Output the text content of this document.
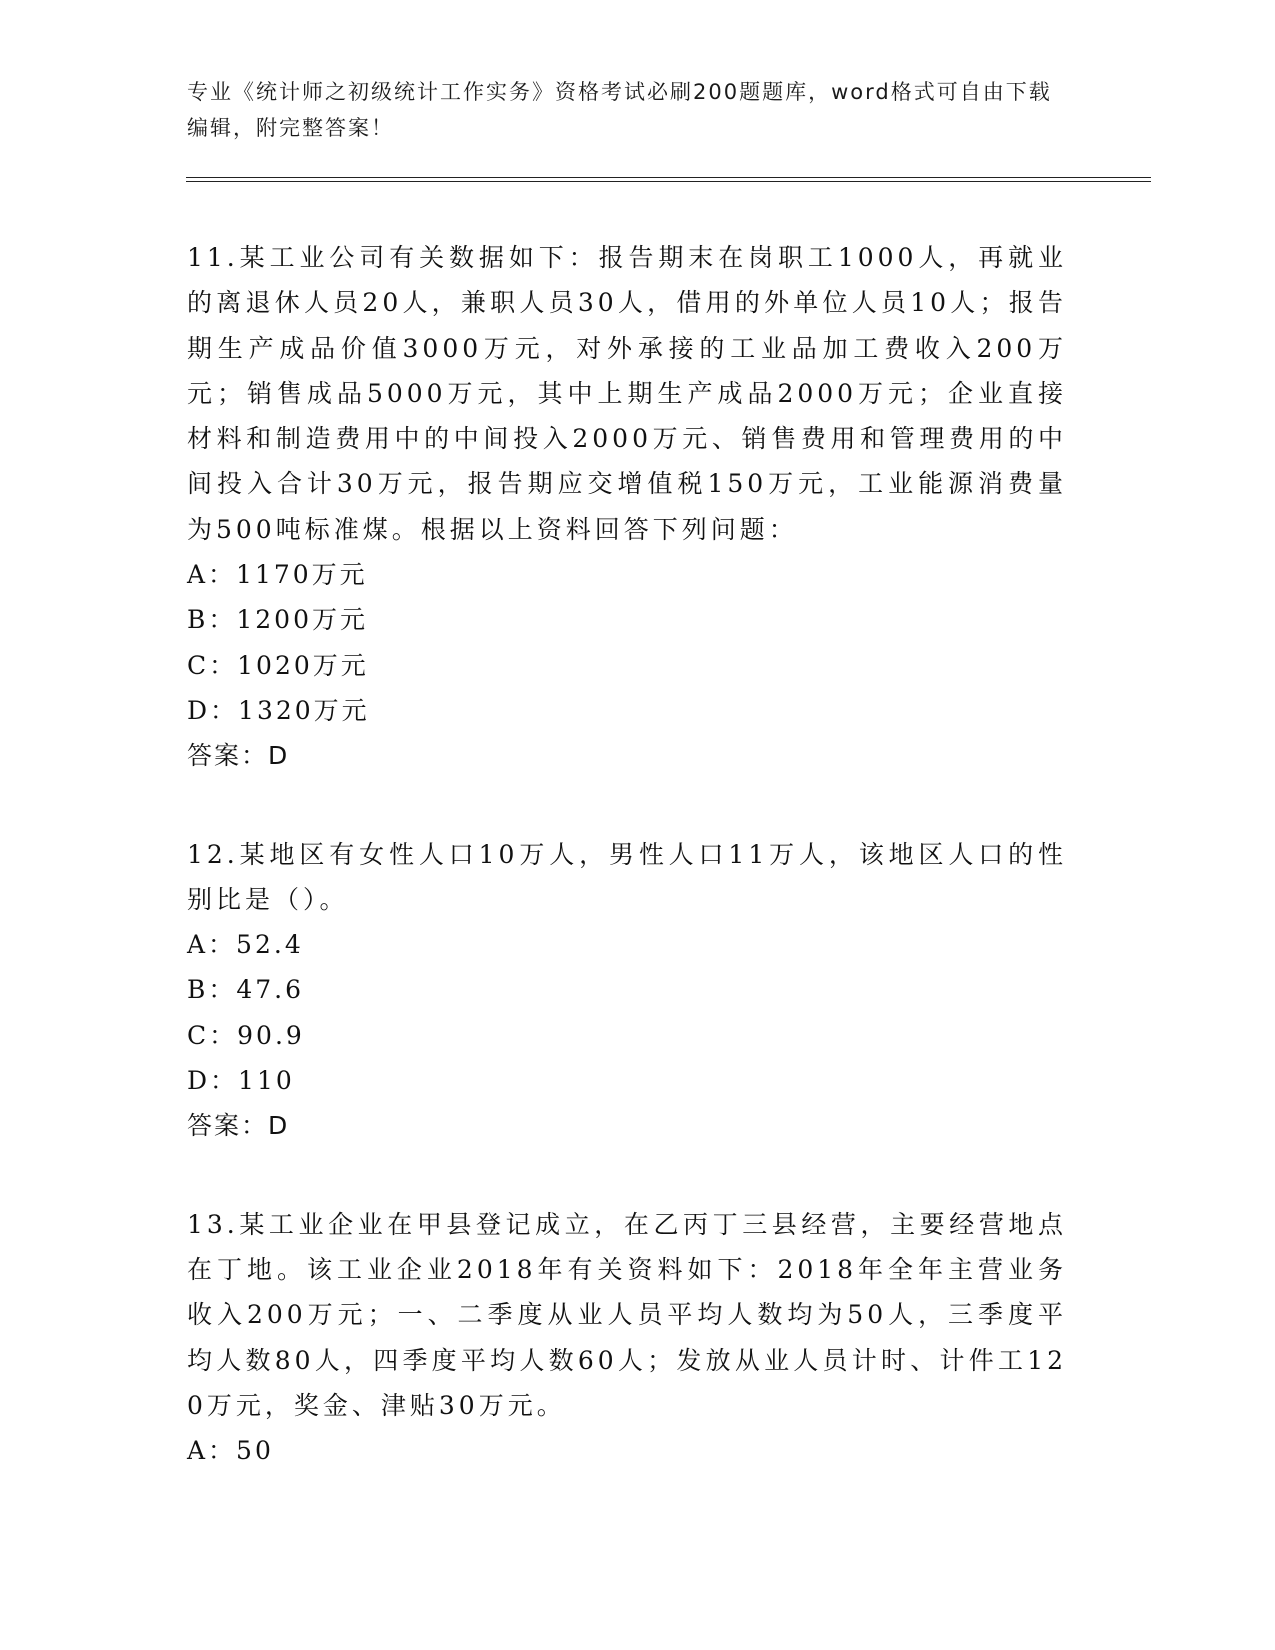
专业《统计师之初级统计工作实务》资格考试必刷200题题库，word格式可自由下载编辑，附完整答案！

11.某工业公司有关数据如下：报告期末在岗职工1000人，再就业的离退休人员20人，兼职人员30人，借用的外单位人员10人；报告期生产成品价值3000万元，对外承接的工业品加工费收入200万元；销售成品5000万元，其中上期生产成品2000万元；企业直接材料和制造费用中的中间投入2000万元、销售费用和管理费用的中间投入合计30万元，报告期应交增值税150万元，工业能源消费量为500吨标准煤。根据以上资料回答下列问题：

A：1170万元

B：1200万元

C：1020万元

D：1320万元

答案：D

12.某地区有女性人口10万人，男性人口11万人，该地区人口的性别比是（）。

A：52.4

B：47.6

C：90.9

D：110

答案：D

13.某工业企业在甲县登记成立，在乙丙丁三县经营，主要经营地点在丁地。该工业企业2018年有关资料如下：2018年全年主营业务收入200万元；一、二季度从业人员平均人数均为50人，三季度平均人数80人，四季度平均人数60人；发放从业人员计时、计件工120万元，奖金、津贴30万元。

A：50
